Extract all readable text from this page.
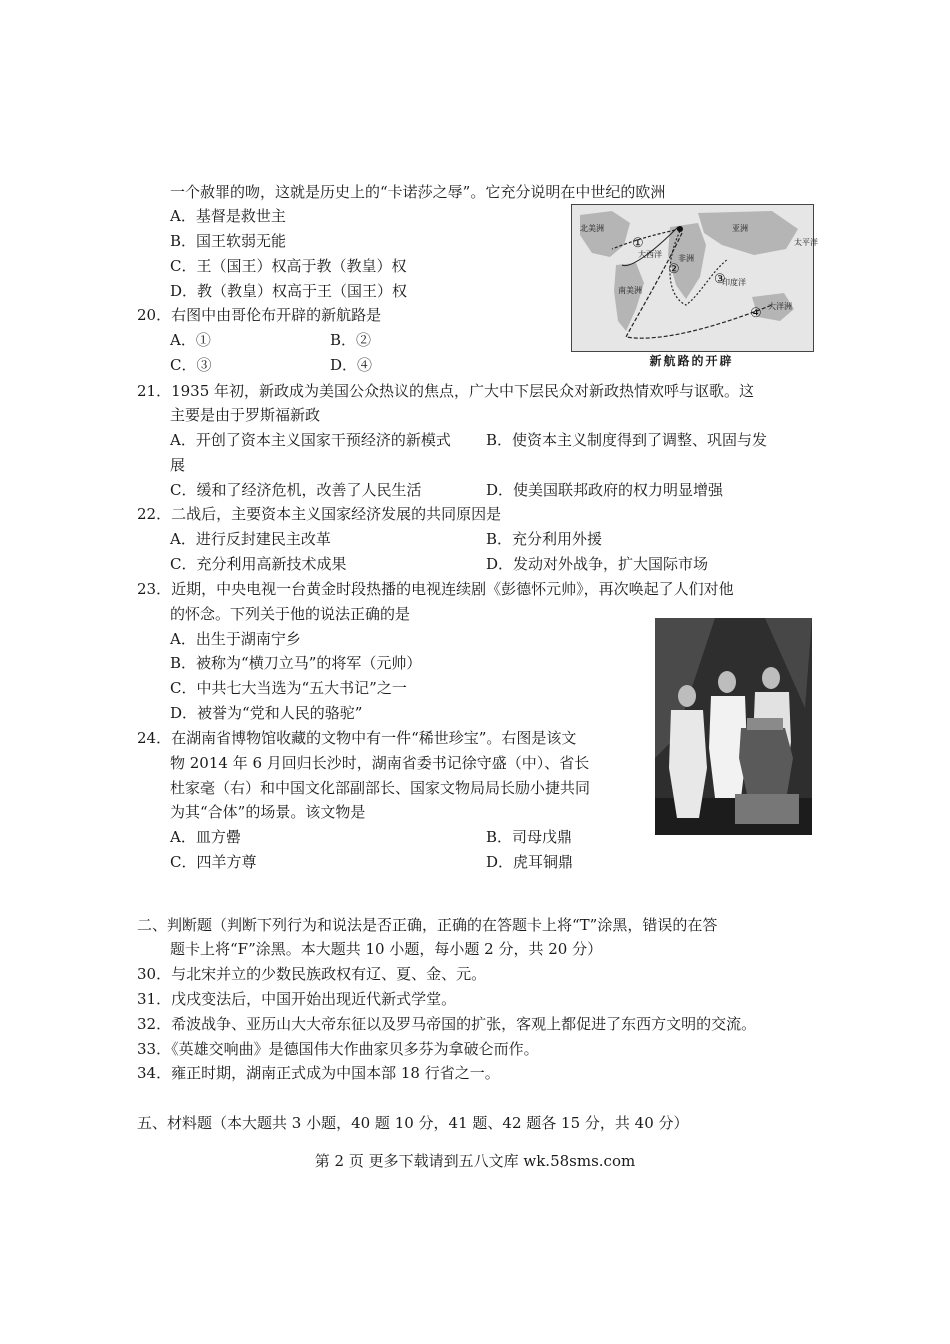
一个赦罪的吻，这就是历史上的“卡诺莎之辱”。它充分说明在中世纪的欧洲
A．基督是救世主
B．国王软弱无能
C．王（国王）权高于教（教皇）权
D．教（教皇）权高于王（国王）权
20．右图中由哥伦布开辟的新航路是
A．①	B．②
C．③	D．④
北美洲
南美洲
大西洋 非洲
亚洲
太平洋
大洋洲
印度洋
①
②
③
④
新航路的开辟
21．1935 年初，新政成为美国公众热议的焦点，广大中下层民众对新政热情欢呼与讴歌。这
主要是由于罗斯福新政
A．开创了资本主义国家干预经济的新模式 B．使资本主义制度得到了调整、巩固与发
展
C．缓和了经济危机，改善了人民生活	D．使美国联邦政府的权力明显增强
22．二战后，主要资本主义国家经济发展的共同原因是
A．进行反封建民主改革	B．充分利用外援
C．充分利用高新技术成果	D．发动对外战争，扩大国际市场
23．近期，中央电视一台黄金时段热播的电视连续剧《彭德怀元帅》，再次唤起了人们对他
的怀念。下列关于他的说法正确的是
A．出生于湖南宁乡
B．被称为“横刀立马”的将军（元帅）
C．中共七大当选为“五大书记”之一
D．被誉为“党和人民的骆驼”
24．在湖南省博物馆收藏的文物中有一件“稀世珍宝”。右图是该文
物 2014 年 6 月回归长沙时，湖南省委书记徐守盛（中）、省长
杜家毫（右）和中国文化部副部长、国家文物局局长励小捷共同
为其“合体”的场景。该文物是
A．皿方罍	B．司母戊鼎
C．四羊方尊	D．虎耳铜鼎
二、判断题（判断下列行为和说法是否正确，正确的在答题卡上将“T”涂黑，错误的在答
题卡上将“F”涂黑。本大题共 10 小题，每小题 2 分，共 20 分）
30．与北宋并立的少数民族政权有辽、夏、金、元。
31．戊戌变法后，中国开始出现近代新式学堂。
32．希波战争、亚历山大大帝东征以及罗马帝国的扩张，客观上都促进了东西方文明的交流。
33．《英雄交响曲》是德国伟大作曲家贝多芬为拿破仑而作。
34．雍正时期，湖南正式成为中国本部 18 行省之一。
五、材料题（本大题共 3 小题，40 题 10 分，41 题、42 题各 15 分，共 40 分）
第 2 页 更多下载请到五八文库 wk.58sms.com
